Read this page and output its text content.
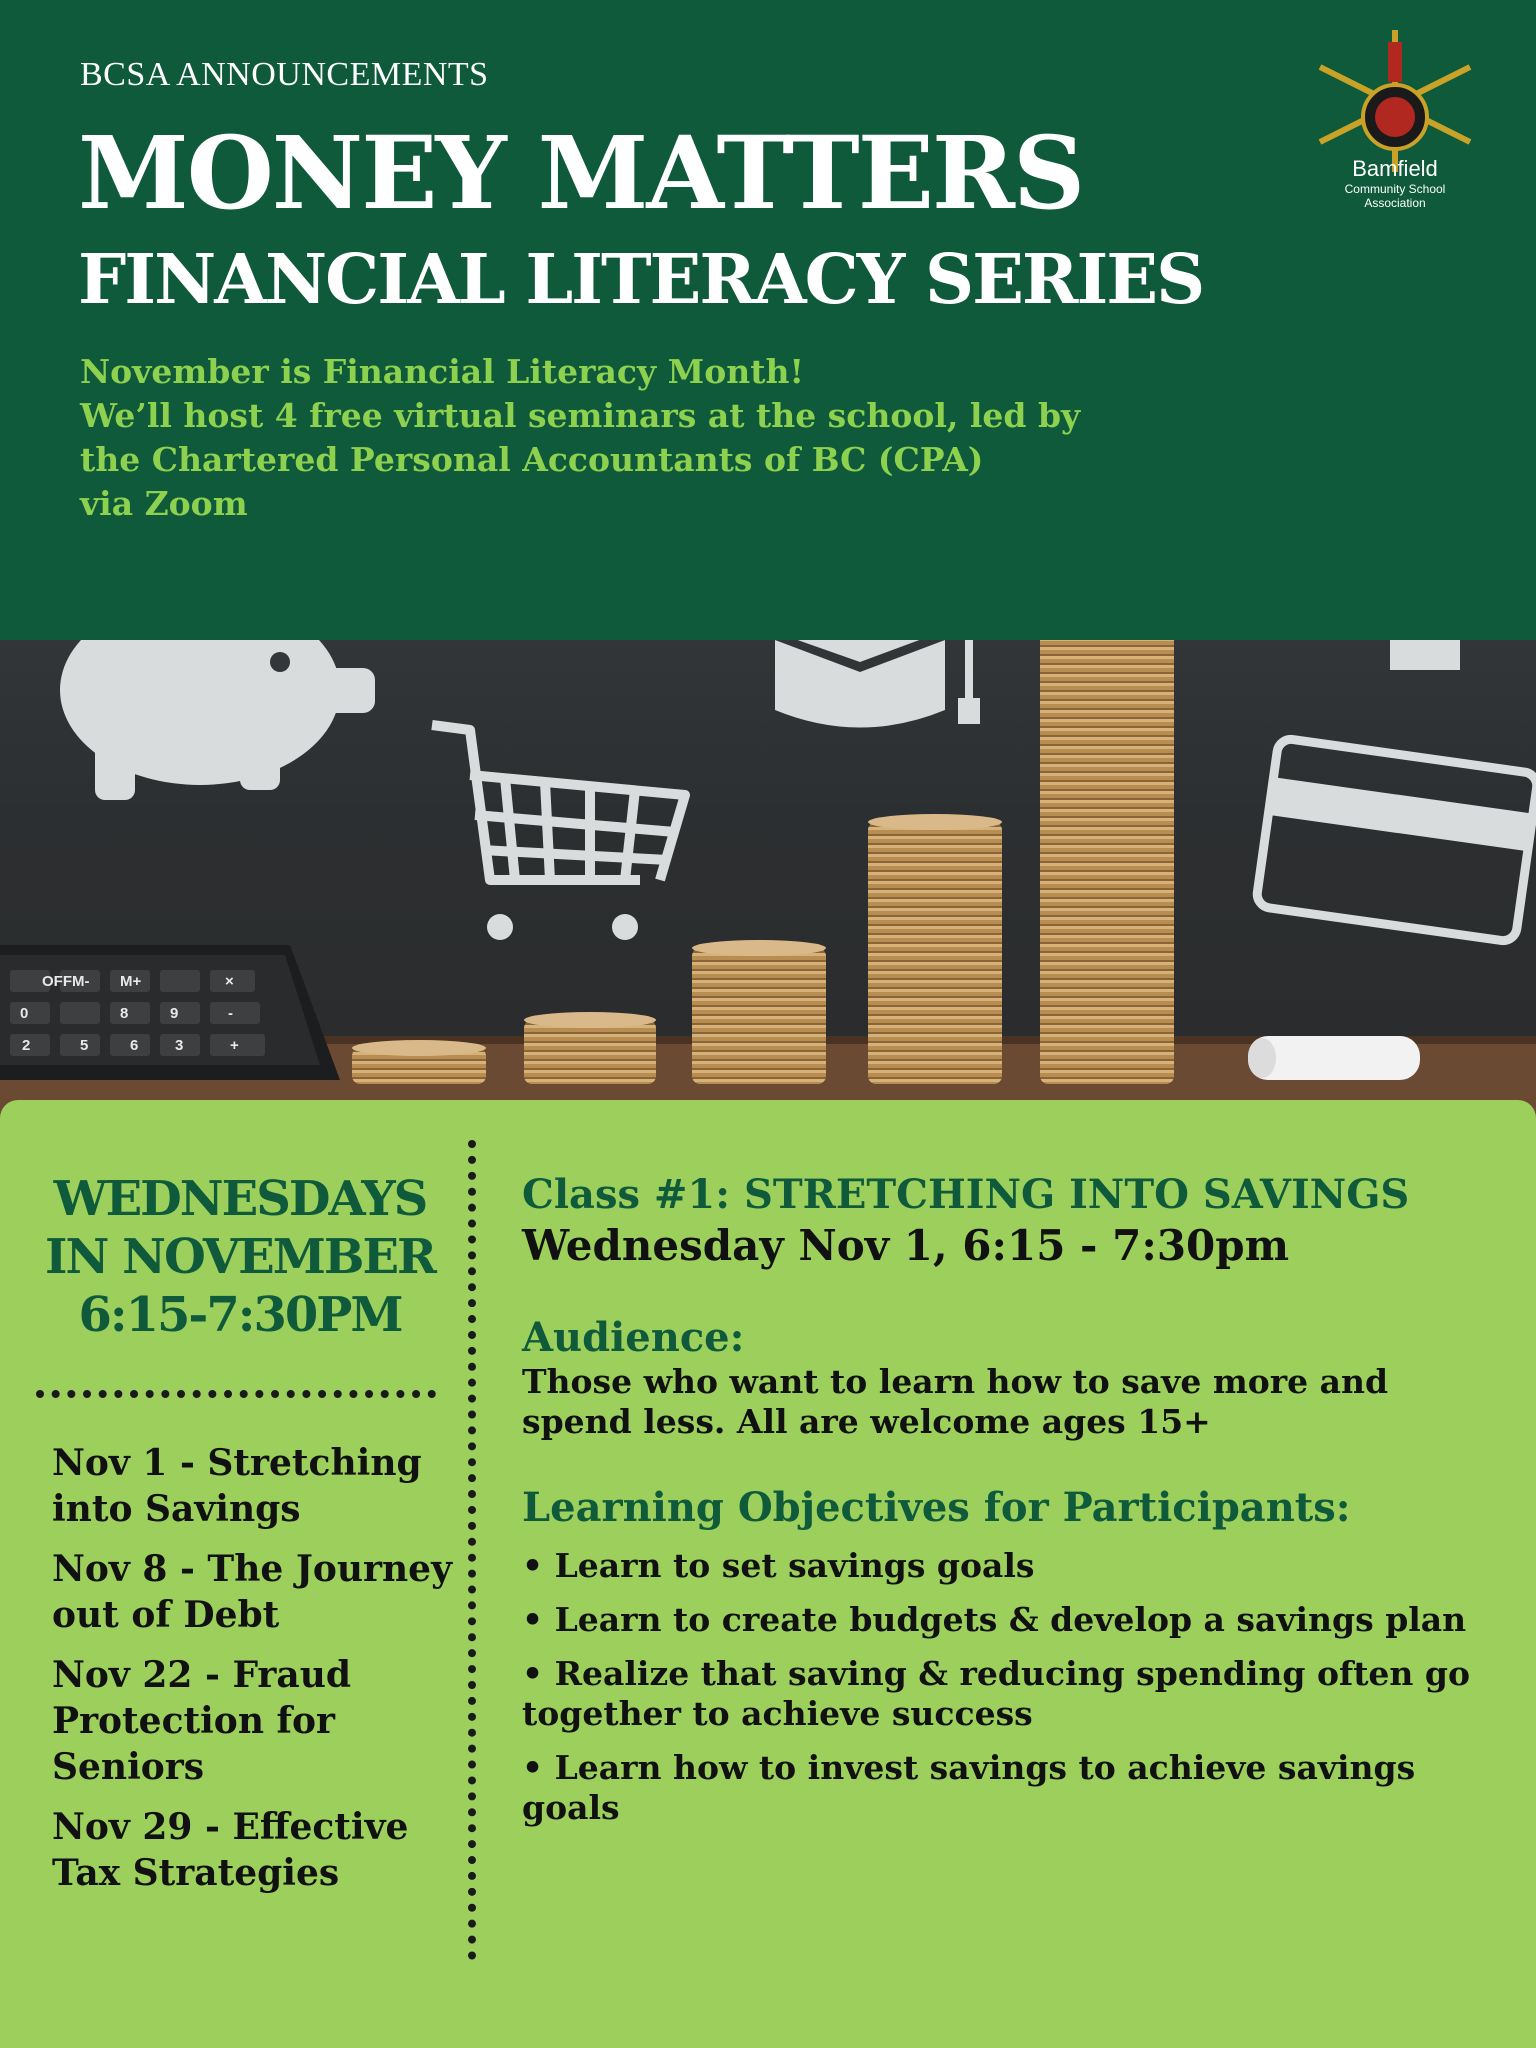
OFF	M+
M-	×
8	9	-
5	6	+
2	3
0
BCSA ANNOUNCEMENTS
MONEY MATTERS
FINANCIAL LITERACY SERIES
November is Financial Literacy Month!
We’ll host 4 free virtual seminars at the school, led by
the Chartered Personal Accountants of BC (CPA)
via Zoom
Bamfield
Community School
Association
WEDNESDAYS
IN NOVEMBER
6:15-7:30PM
Nov 1 - Stretching into Savings
Nov 8 - The Journey out of Debt
Nov 22 - Fraud Protection for Seniors
Nov 29 - Effective Tax Strategies
Class #1: STRETCHING INTO SAVINGS
Wednesday Nov 1, 6:15 - 7:30pm
Audience:
Those who want to learn how to save more and spend less. All are welcome ages 15+
Learning Objectives for Participants:
• Learn to set savings goals
• Learn to create budgets & develop a savings plan
• Realize that saving & reducing spending often go together to achieve success
• Learn how to invest savings to achieve savings goals
